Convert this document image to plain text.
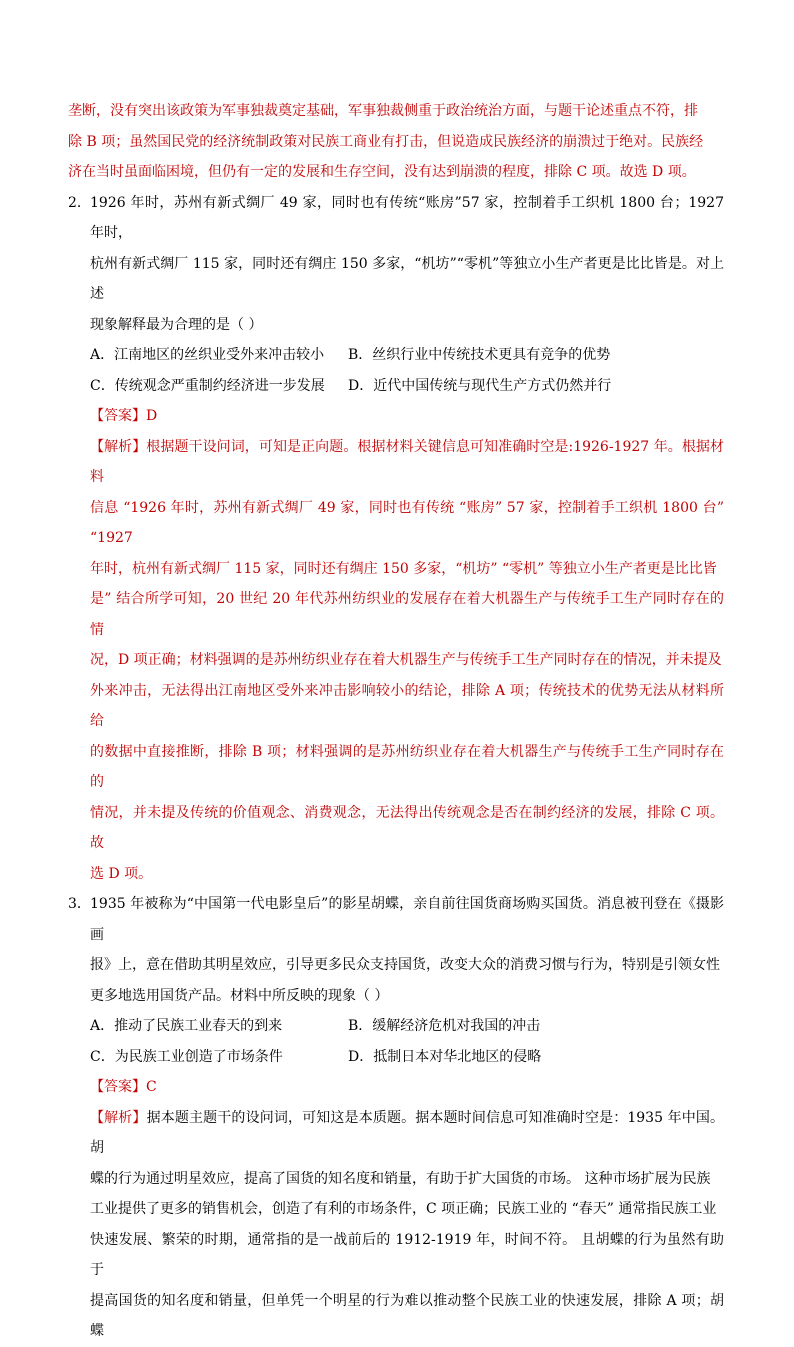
垄断，没有突出该政策为军事独裁奠定基础，军事独裁侧重于政治统治方面，与题干论述重点不符，排
除 B 项；虽然国民党的经济统制政策对民族工商业有打击，但说造成民族经济的崩溃过于绝对。民族经
济在当时虽面临困境，但仍有一定的发展和生存空间，没有达到崩溃的程度，排除 C 项。故选 D 项。
2． 1926 年时，苏州有新式绸厂 49 家，同时也有传统“账房”57 家，控制着手工织机 1800 台；1927 年时，
杭州有新式绸厂 115 家，同时还有绸庄 150 多家，“机坊”“零机”等独立小生产者更是比比皆是。对上述
现象解释最为合理的是（ ）
A．江南地区的丝织业受外来冲击较小	B．丝织行业中传统技术更具有竞争的优势
C．传统观念严重制约经济进一步发展	D．近代中国传统与现代生产方式仍然并行
【答案】D
【解析】根据题干设问词，可知是正向题。根据材料关键信息可知准确时空是:1926-1927 年。根据材料
信息 “1926 年时，苏州有新式绸厂 49 家，同时也有传统 “账房” 57 家，控制着手工织机 1800 台” “1927
年时，杭州有新式绸厂 115 家，同时还有绸庄 150 多家，“机坊” “零机” 等独立小生产者更是比比皆
是” 结合所学可知，20 世纪 20 年代苏州纺织业的发展存在着大机器生产与传统手工生产同时存在的情
况，D 项正确；材料强调的是苏州纺织业存在着大机器生产与传统手工生产同时存在的情况，并未提及
外来冲击，无法得出江南地区受外来冲击影响较小的结论，排除 A 项；传统技术的优势无法从材料所给
的数据中直接推断，排除 B 项；材料强调的是苏州纺织业存在着大机器生产与传统手工生产同时存在的
情况，并未提及传统的价值观念、消费观念，无法得出传统观念是否在制约经济的发展，排除 C 项。故
选 D 项。
3． 1935 年被称为“中国第一代电影皇后”的影星胡蝶，亲自前往国货商场购买国货。消息被刊登在《摄影画
报》上，意在借助其明星效应，引导更多民众支持国货，改变大众的消费习惯与行为，特别是引领女性
更多地选用国货产品。材料中所反映的现象（ ）
A．推动了民族工业春天的到来	B．缓解经济危机对我国的冲击
C．为民族工业创造了市场条件	D．抵制日本对华北地区的侵略
【答案】C
【解析】据本题主题干的设问词，可知这是本质题。据本题时间信息可知准确时空是：1935 年中国。胡
蝶的行为通过明星效应，提高了国货的知名度和销量，有助于扩大国货的市场。 这种市场扩展为民族
工业提供了更多的销售机会，创造了有利的市场条件，C 项正确；民族工业的 “春天” 通常指民族工业
快速发展、繁荣的时期，通常指的是一战前后的 1912-1919 年，时间不符。 且胡蝶的行为虽然有助于
提高国货的知名度和销量，但单凭一个明星的行为难以推动整个民族工业的快速发展，排除 A 项；胡蝶
